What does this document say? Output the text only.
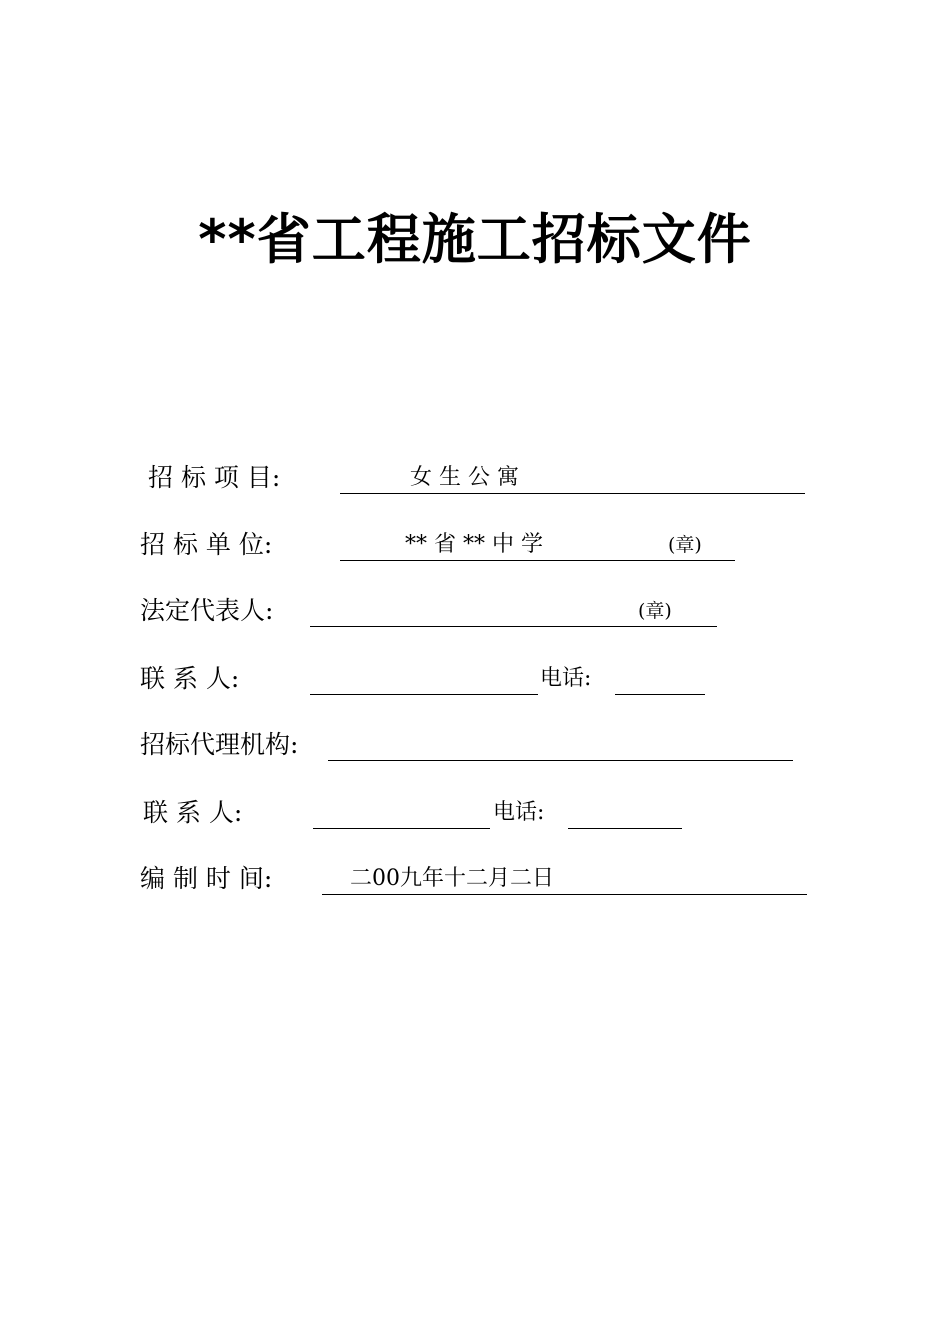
**省工程施工招标文件
招 标 项 目:	女 生 公 寓
招 标 单 位:	** 省 ** 中 学	(章)
法定代表人:	(章)
联 系 人:	电话:
招标代理机构:
联 系 人:	电话:
编 制 时 间:	二00九年十二月二日
